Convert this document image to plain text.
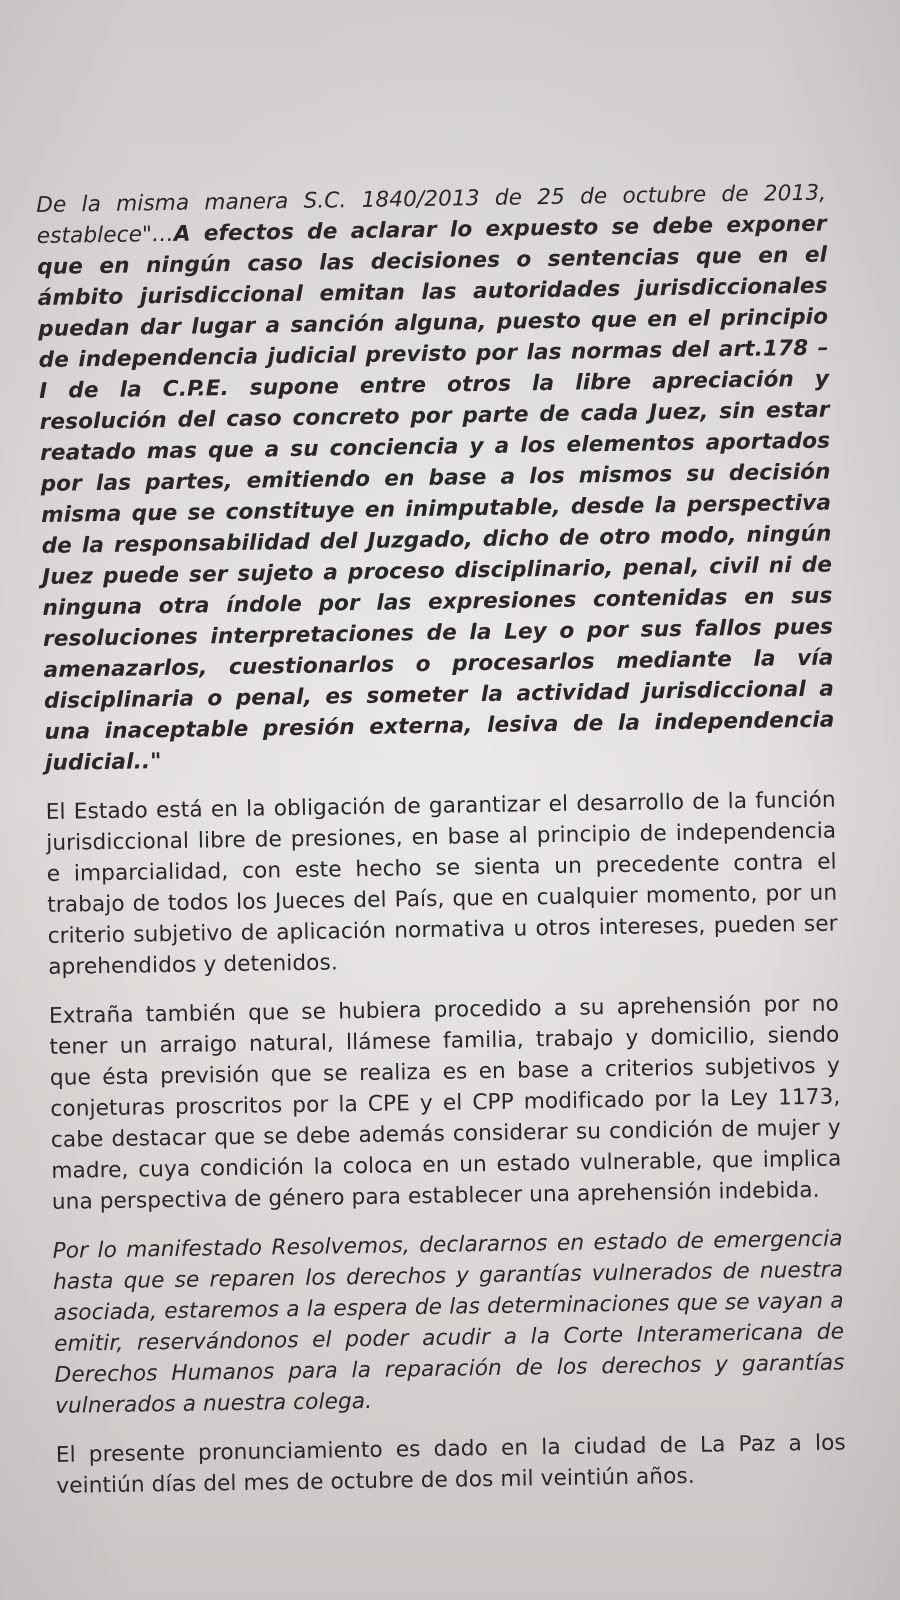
De la misma manera S.C. 1840/2013 de 25 de octubre de 2013, establece"…A efectos de aclarar lo expuesto se debe exponer que en ningún caso las decisiones o sentencias que en el ámbito jurisdiccional emitan las autoridades jurisdiccionales puedan dar lugar a sanción alguna, puesto que en el principio de independencia judicial previsto por las normas del art.178 – I de la C.P.E. supone entre otros la libre apreciación y resolución del caso concreto por parte de cada Juez, sin estar reatado mas que a su conciencia y a los elementos aportados por las partes, emitiendo en base a los mismos su decisión misma que se constituye en inimputable, desde la perspectiva de la responsabilidad del Juzgado, dicho de otro modo, ningún Juez puede ser sujeto a proceso disciplinario, penal, civil ni de ninguna otra índole por las expresiones contenidas en sus resoluciones interpretaciones de la Ley o por sus fallos pues amenazarlos, cuestionarlos o procesarlos mediante la vía disciplinaria o penal, es someter la actividad jurisdiccional a una inaceptable presión externa, lesiva de la independencia judicial.."

El Estado está en la obligación de garantizar el desarrollo de la función jurisdiccional libre de presiones, en base al principio de independencia e imparcialidad, con este hecho se sienta un precedente contra el trabajo de todos los Jueces del País, que en cualquier momento, por un criterio subjetivo de aplicación normativa u otros intereses, pueden ser aprehendidos y detenidos.

Extraña también que se hubiera procedido a su aprehensión por no tener un arraigo natural, llámese familia, trabajo y domicilio, siendo que ésta previsión que se realiza es en base a criterios subjetivos y conjeturas proscritos por la CPE y el CPP modificado por la Ley 1173, cabe destacar que se debe además considerar su condición de mujer y madre, cuya condición la coloca en un estado vulnerable, que implica una perspectiva de género para establecer una aprehensión indebida.

Por lo manifestado Resolvemos, declararnos en estado de emergencia hasta que se reparen los derechos y garantías vulnerados de nuestra asociada, estaremos a la espera de las determinaciones que se vayan a emitir, reservándonos el poder acudir a la Corte Interamericana de Derechos Humanos para la reparación de los derechos y garantías vulnerados a nuestra colega.

El presente pronunciamiento es dado en la ciudad de La Paz a los veintiún días del mes de octubre de dos mil veintiún años.
